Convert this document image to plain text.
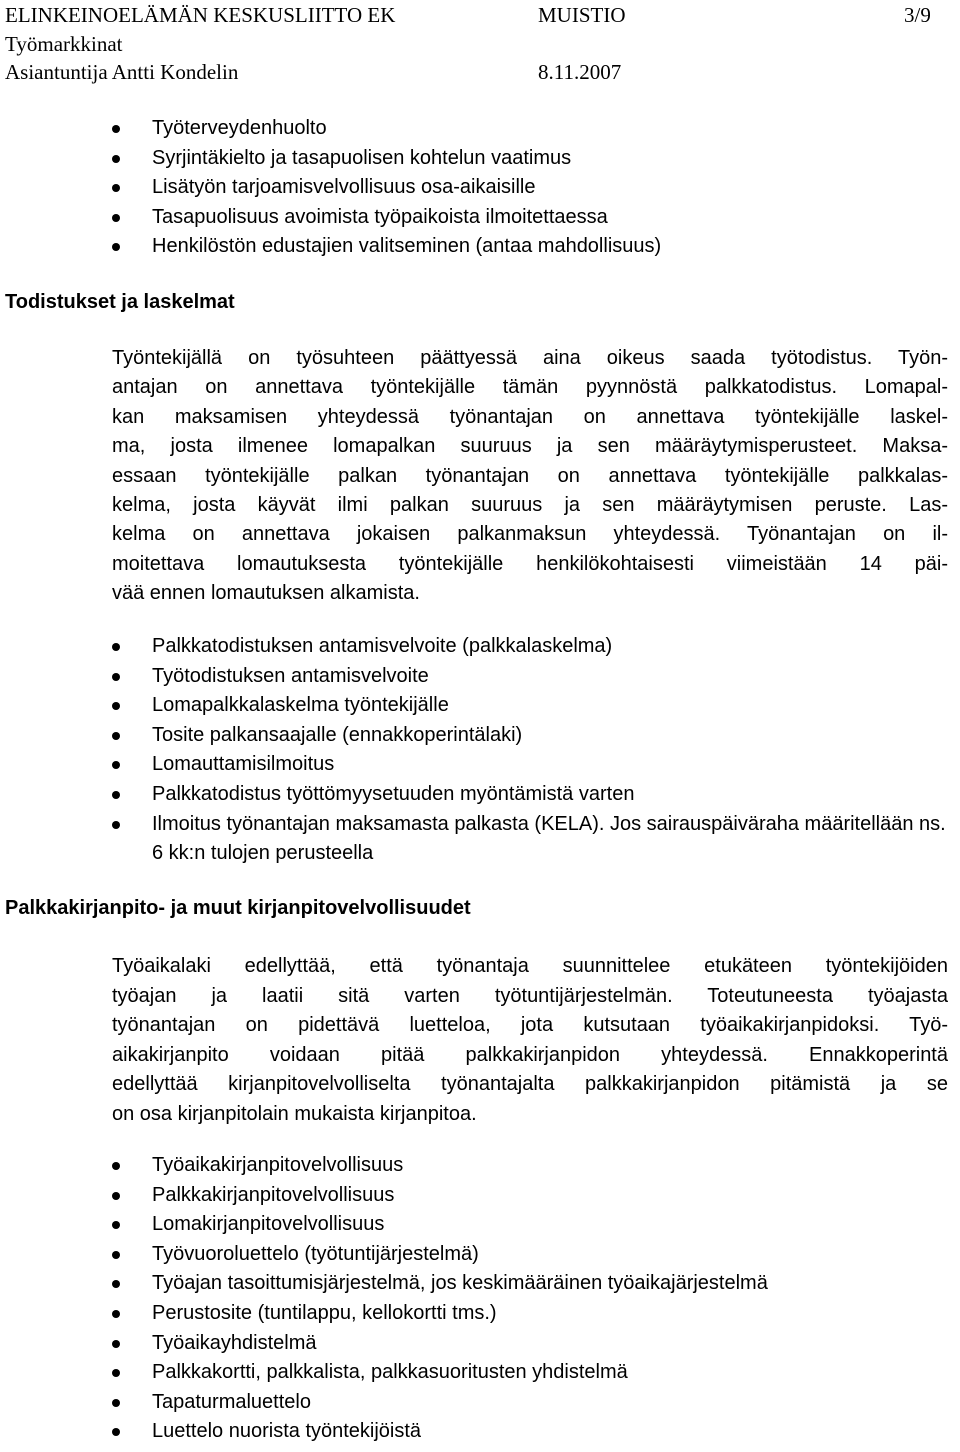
ELINKEINOELÄMÄN KESKUSLIITTO EK	MUISTIO	3/9
Työmarkkinat
Asiantuntija Antti Kondelin	8.11.2007
Työterveydenhuolto
Syrjintäkielto ja tasapuolisen kohtelun vaatimus
Lisätyön tarjoamisvelvollisuus osa-aikaisille
Tasapuolisuus avoimista työpaikoista ilmoitettaessa
Henkilöstön edustajien valitseminen (antaa mahdollisuus)
Todistukset ja laskelmat
Työntekijällä on työsuhteen päättyessä aina oikeus saada työtodistus. Työn-
antajan on annettava työntekijälle tämän pyynnöstä palkkatodistus. Lomapal-
kan maksamisen yhteydessä työnantajan on annettava työntekijälle laskel-
ma, josta ilmenee lomapalkan suuruus ja sen määräytymisperusteet. Maksa-
essaan työntekijälle palkan työnantajan on annettava työntekijälle palkkalas-
kelma, josta käyvät ilmi palkan suuruus ja sen määräytymisen peruste. Las-
kelma on annettava jokaisen palkanmaksun yhteydessä. Työnantajan on il-
moitettava lomautuksesta työntekijälle henkilökohtaisesti viimeistään 14 päi-
vää ennen lomautuksen alkamista.
Palkkatodistuksen antamisvelvoite (palkkalaskelma)
Työtodistuksen antamisvelvoite
Lomapalkkalaskelma työntekijälle
Tosite palkansaajalle (ennakkoperintälaki)
Lomauttamisilmoitus
Palkkatodistus työttömyysetuuden myöntämistä varten
Ilmoitus työnantajan maksamasta palkasta (KELA). Jos sairauspäiväraha määritellään ns. 6 kk:n tulojen perusteella
Palkkakirjanpito- ja muut kirjanpitovelvollisuudet
Työaikalaki edellyttää, että työnantaja suunnittelee etukäteen työntekijöiden
työajan ja laatii sitä varten työtuntijärjestelmän. Toteutuneesta työajasta
työnantajan on pidettävä luetteloa, jota kutsutaan työaikakirjanpidoksi. Työ-
aikakirjanpito voidaan pitää palkkakirjanpidon yhteydessä. Ennakkoperintä
edellyttää kirjanpitovelvolliselta työnantajalta palkkakirjanpidon pitämistä ja se
on osa kirjanpitolain mukaista kirjanpitoa.
Työaikakirjanpitovelvollisuus
Palkkakirjanpitovelvollisuus
Lomakirjanpitovelvollisuus
Työvuoroluettelo (työtuntijärjestelmä)
Työajan tasoittumisjärjestelmä, jos keskimääräinen työaikajärjestelmä
Perustosite (tuntilappu, kellokortti tms.)
Työaikayhdistelmä
Palkkakortti, palkkalista, palkkasuoritusten yhdistelmä
Tapaturmaluettelo
Luettelo nuorista työntekijöistä
